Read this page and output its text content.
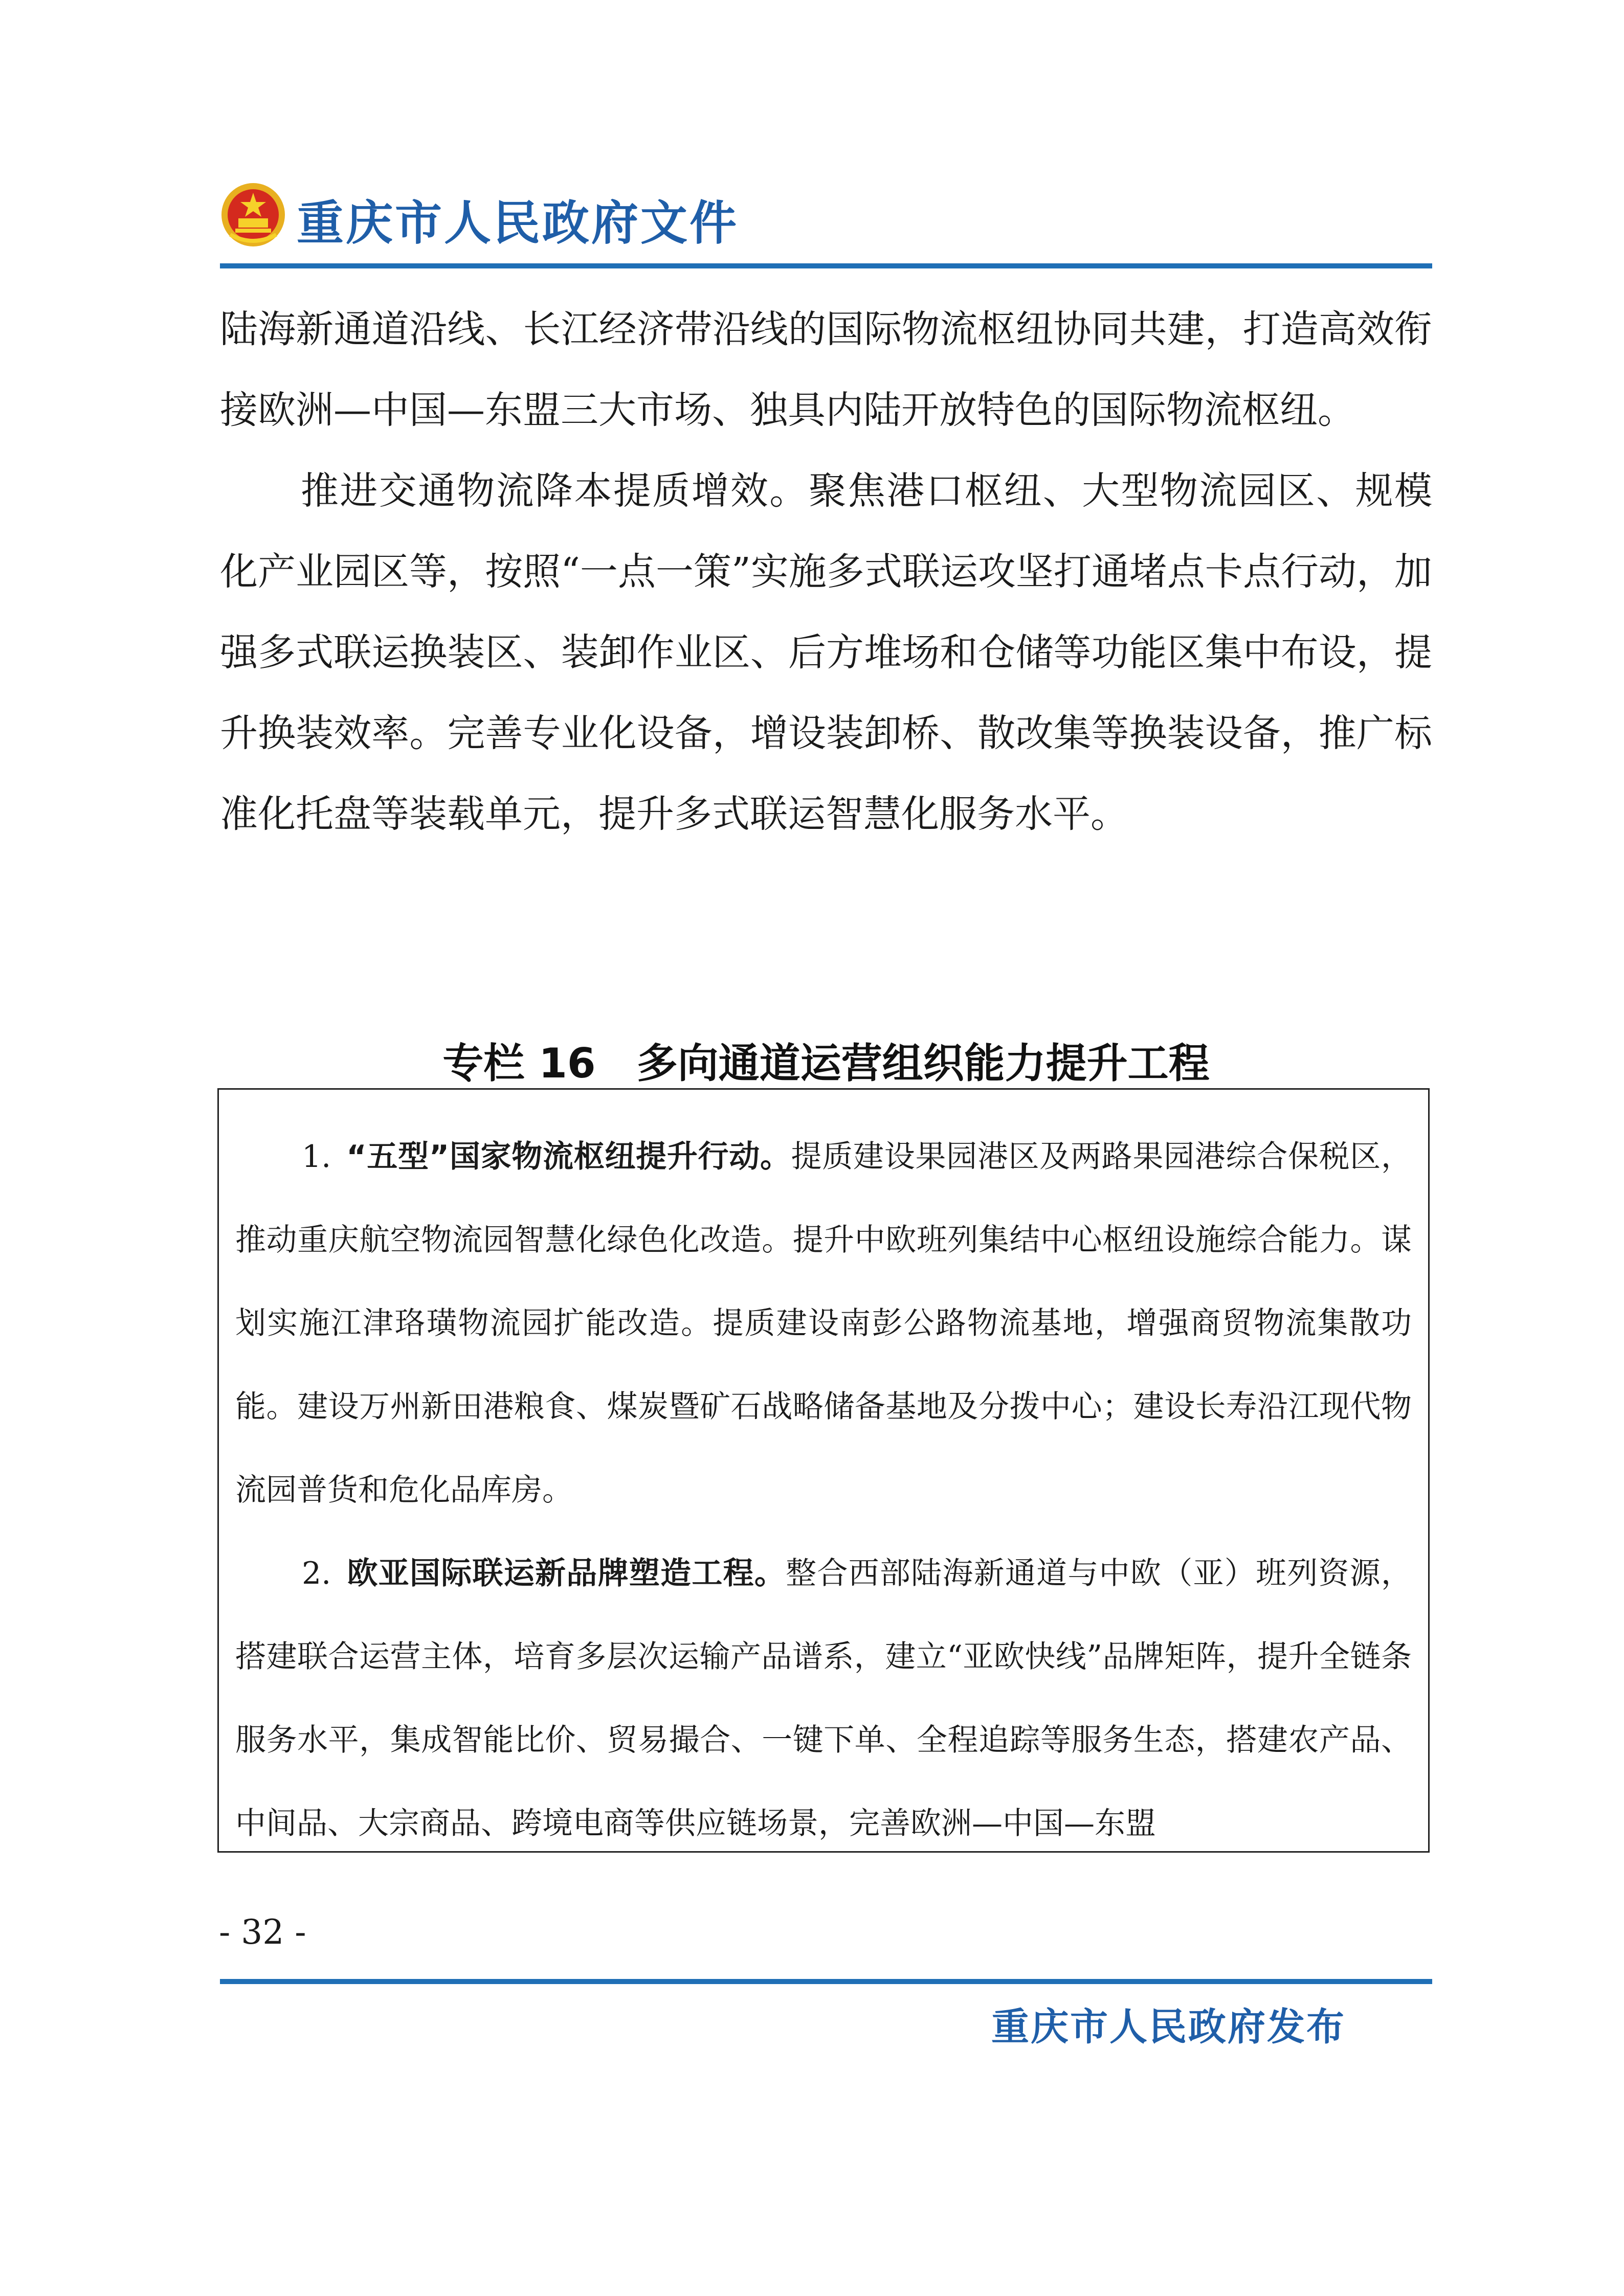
重庆市人民政府文件

陆海新通道沿线、长江经济带沿线的国际物流枢纽协同共建，打造高效衔接欧洲—中国—东盟三大市场、独具内陆开放特色的国际物流枢纽。

推进交通物流降本提质增效。聚焦港口枢纽、大型物流园区、规模化产业园区等，按照“一点一策”实施多式联运攻坚打通堵点卡点行动，加强多式联运换装区、装卸作业区、后方堆场和仓储等功能区集中布设，提升换装效率。完善专业化设备，增设装卸桥、散改集等换装设备，推广标准化托盘等装载单元，提升多式联运智慧化服务水平。

专栏 16　多向通道运营组织能力提升工程

1. “五型”国家物流枢纽提升行动。提质建设果园港区及两路果园港综合保税区，推动重庆航空物流园智慧化绿色化改造。提升中欧班列集结中心枢纽设施综合能力。谋划实施江津珞璜物流园扩能改造。提质建设南彭公路物流基地，增强商贸物流集散功能。建设万州新田港粮食、煤炭暨矿石战略储备基地及分拨中心；建设长寿沿江现代物流园普货和危化品库房。

2. 欧亚国际联运新品牌塑造工程。整合西部陆海新通道与中欧（亚）班列资源，搭建联合运营主体，培育多层次运输产品谱系，建立“亚欧快线”品牌矩阵，提升全链条服务水平，集成智能比价、贸易撮合、一键下单、全程追踪等服务生态，搭建农产品、中间品、大宗商品、跨境电商等供应链场景，完善欧洲—中国—东盟

- 32 -
重庆市人民政府发布
